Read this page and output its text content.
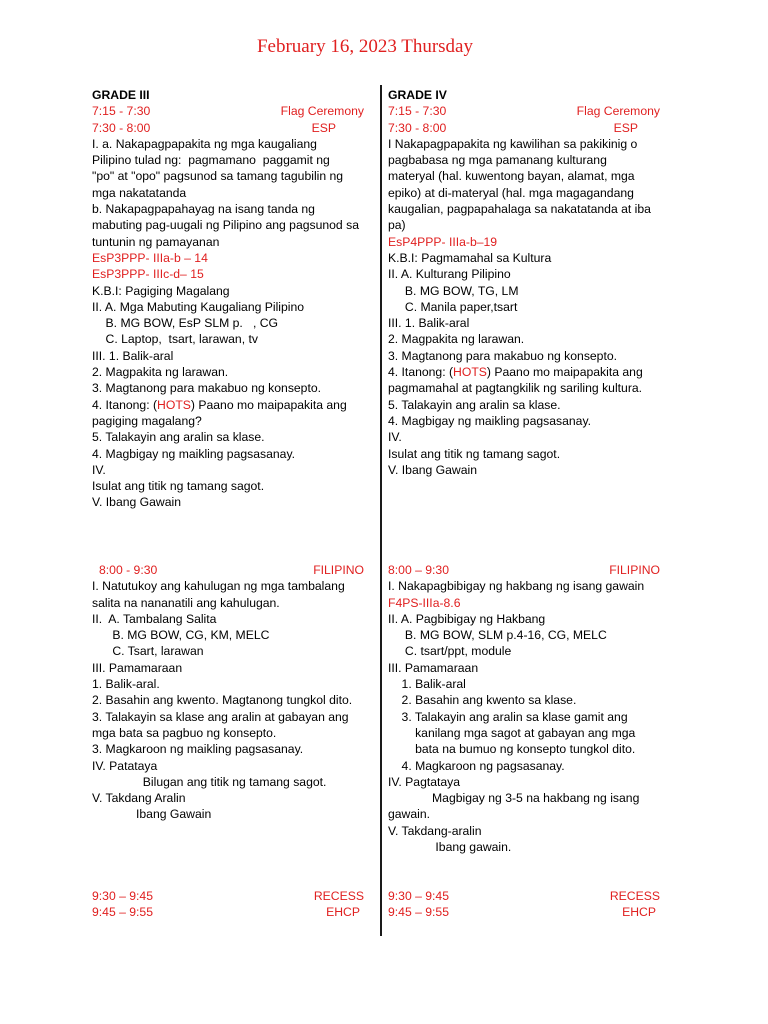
February 16, 2023 Thursday
GRADE III
7:15 - 7:30	Flag Ceremony
7:30 - 8:00	ESP
I. a. Nakapagpapakita ng mga kaugaliang
Pilipino tulad ng:  pagmamano  paggamit ng
"po" at "opo" pagsunod sa tamang tagubilin ng
mga nakatatanda
b. Nakapagpapahayag na isang tanda ng
mabuting pag-uugali ng Pilipino ang pagsunod sa
tuntunin ng pamayanan
EsP3PPP- IIIa-b – 14
EsP3PPP- IIIc-d– 15
K.B.I: Pagiging Magalang
II. A. Mga Mabuting Kaugaliang Pilipino
B. MG BOW, EsP SLM p.   , CG
C. Laptop,  tsart, larawan, tv
III. 1. Balik-aral
2. Magpakita ng larawan.
3. Magtanong para makabuo ng konsepto.
4. Itanong: (HOTS) Paano mo maipapakita ang
pagiging magalang?
5. Talakayin ang aralin sa klase.
4. Magbigay ng maikling pagsasanay.
IV.
Isulat ang titik ng tamang sagot.
V. Ibang Gawain
8:00 - 9:30	FILIPINO
I. Natutukoy ang kahulugan ng mga tambalang
salita na nananatili ang kahulugan.
II.  A. Tambalang Salita
B. MG BOW, CG, KM, MELC
C. Tsart, larawan
III. Pamamaraan
1. Balik-aral.
2. Basahin ang kwento. Magtanong tungkol dito.
3. Talakayin sa klase ang aralin at gabayan ang
mga bata sa pagbuo ng konsepto.
3. Magkaroon ng maikling pagsasanay.
IV. Patataya
Bilugan ang titik ng tamang sagot.
V. Takdang Aralin
Ibang Gawain
9:30 – 9:45	RECESS
9:45 – 9:55	EHCP
GRADE IV
7:15 - 7:30	Flag Ceremony
7:30 - 8:00	ESP
I Nakapagpapakita ng kawilihan sa pakikinig o
pagbabasa ng mga pamanang kulturang
materyal (hal. kuwentong bayan, alamat, mga
epiko) at di-materyal (hal. mga magagandang
kaugalian, pagpapahalaga sa nakatatanda at iba
pa)
EsP4PPP- IIIa-b–19
K.B.I: Pagmamahal sa Kultura
II. A. Kulturang Pilipino
B. MG BOW, TG, LM
C. Manila paper,tsart
III. 1. Balik-aral
2. Magpakita ng larawan.
3. Magtanong para makabuo ng konsepto.
4. Itanong: (HOTS) Paano mo maipapakita ang
pagmamahal at pagtangkilik ng sariling kultura.
5. Talakayin ang aralin sa klase.
4. Magbigay ng maikling pagsasanay.
IV.
Isulat ang titik ng tamang sagot.
V. Ibang Gawain
8:00 – 9:30	FILIPINO
I. Nakapagbibigay ng hakbang ng isang gawain
F4PS-IIIa-8.6
II. A. Pagbibigay ng Hakbang
B. MG BOW, SLM p.4-16, CG, MELC
C. tsart/ppt, module
III. Pamamaraan
1. Balik-aral
2. Basahin ang kwento sa klase.
3. Talakayin ang aralin sa klase gamit ang
kanilang mga sagot at gabayan ang mga
bata na bumuo ng konsepto tungkol dito.
4. Magkaroon ng pagsasanay.
IV. Pagtataya
Magbigay ng 3-5 na hakbang ng isang
gawain.
V. Takdang-aralin
Ibang gawain.
9:30 – 9:45	RECESS
9:45 – 9:55	EHCP
